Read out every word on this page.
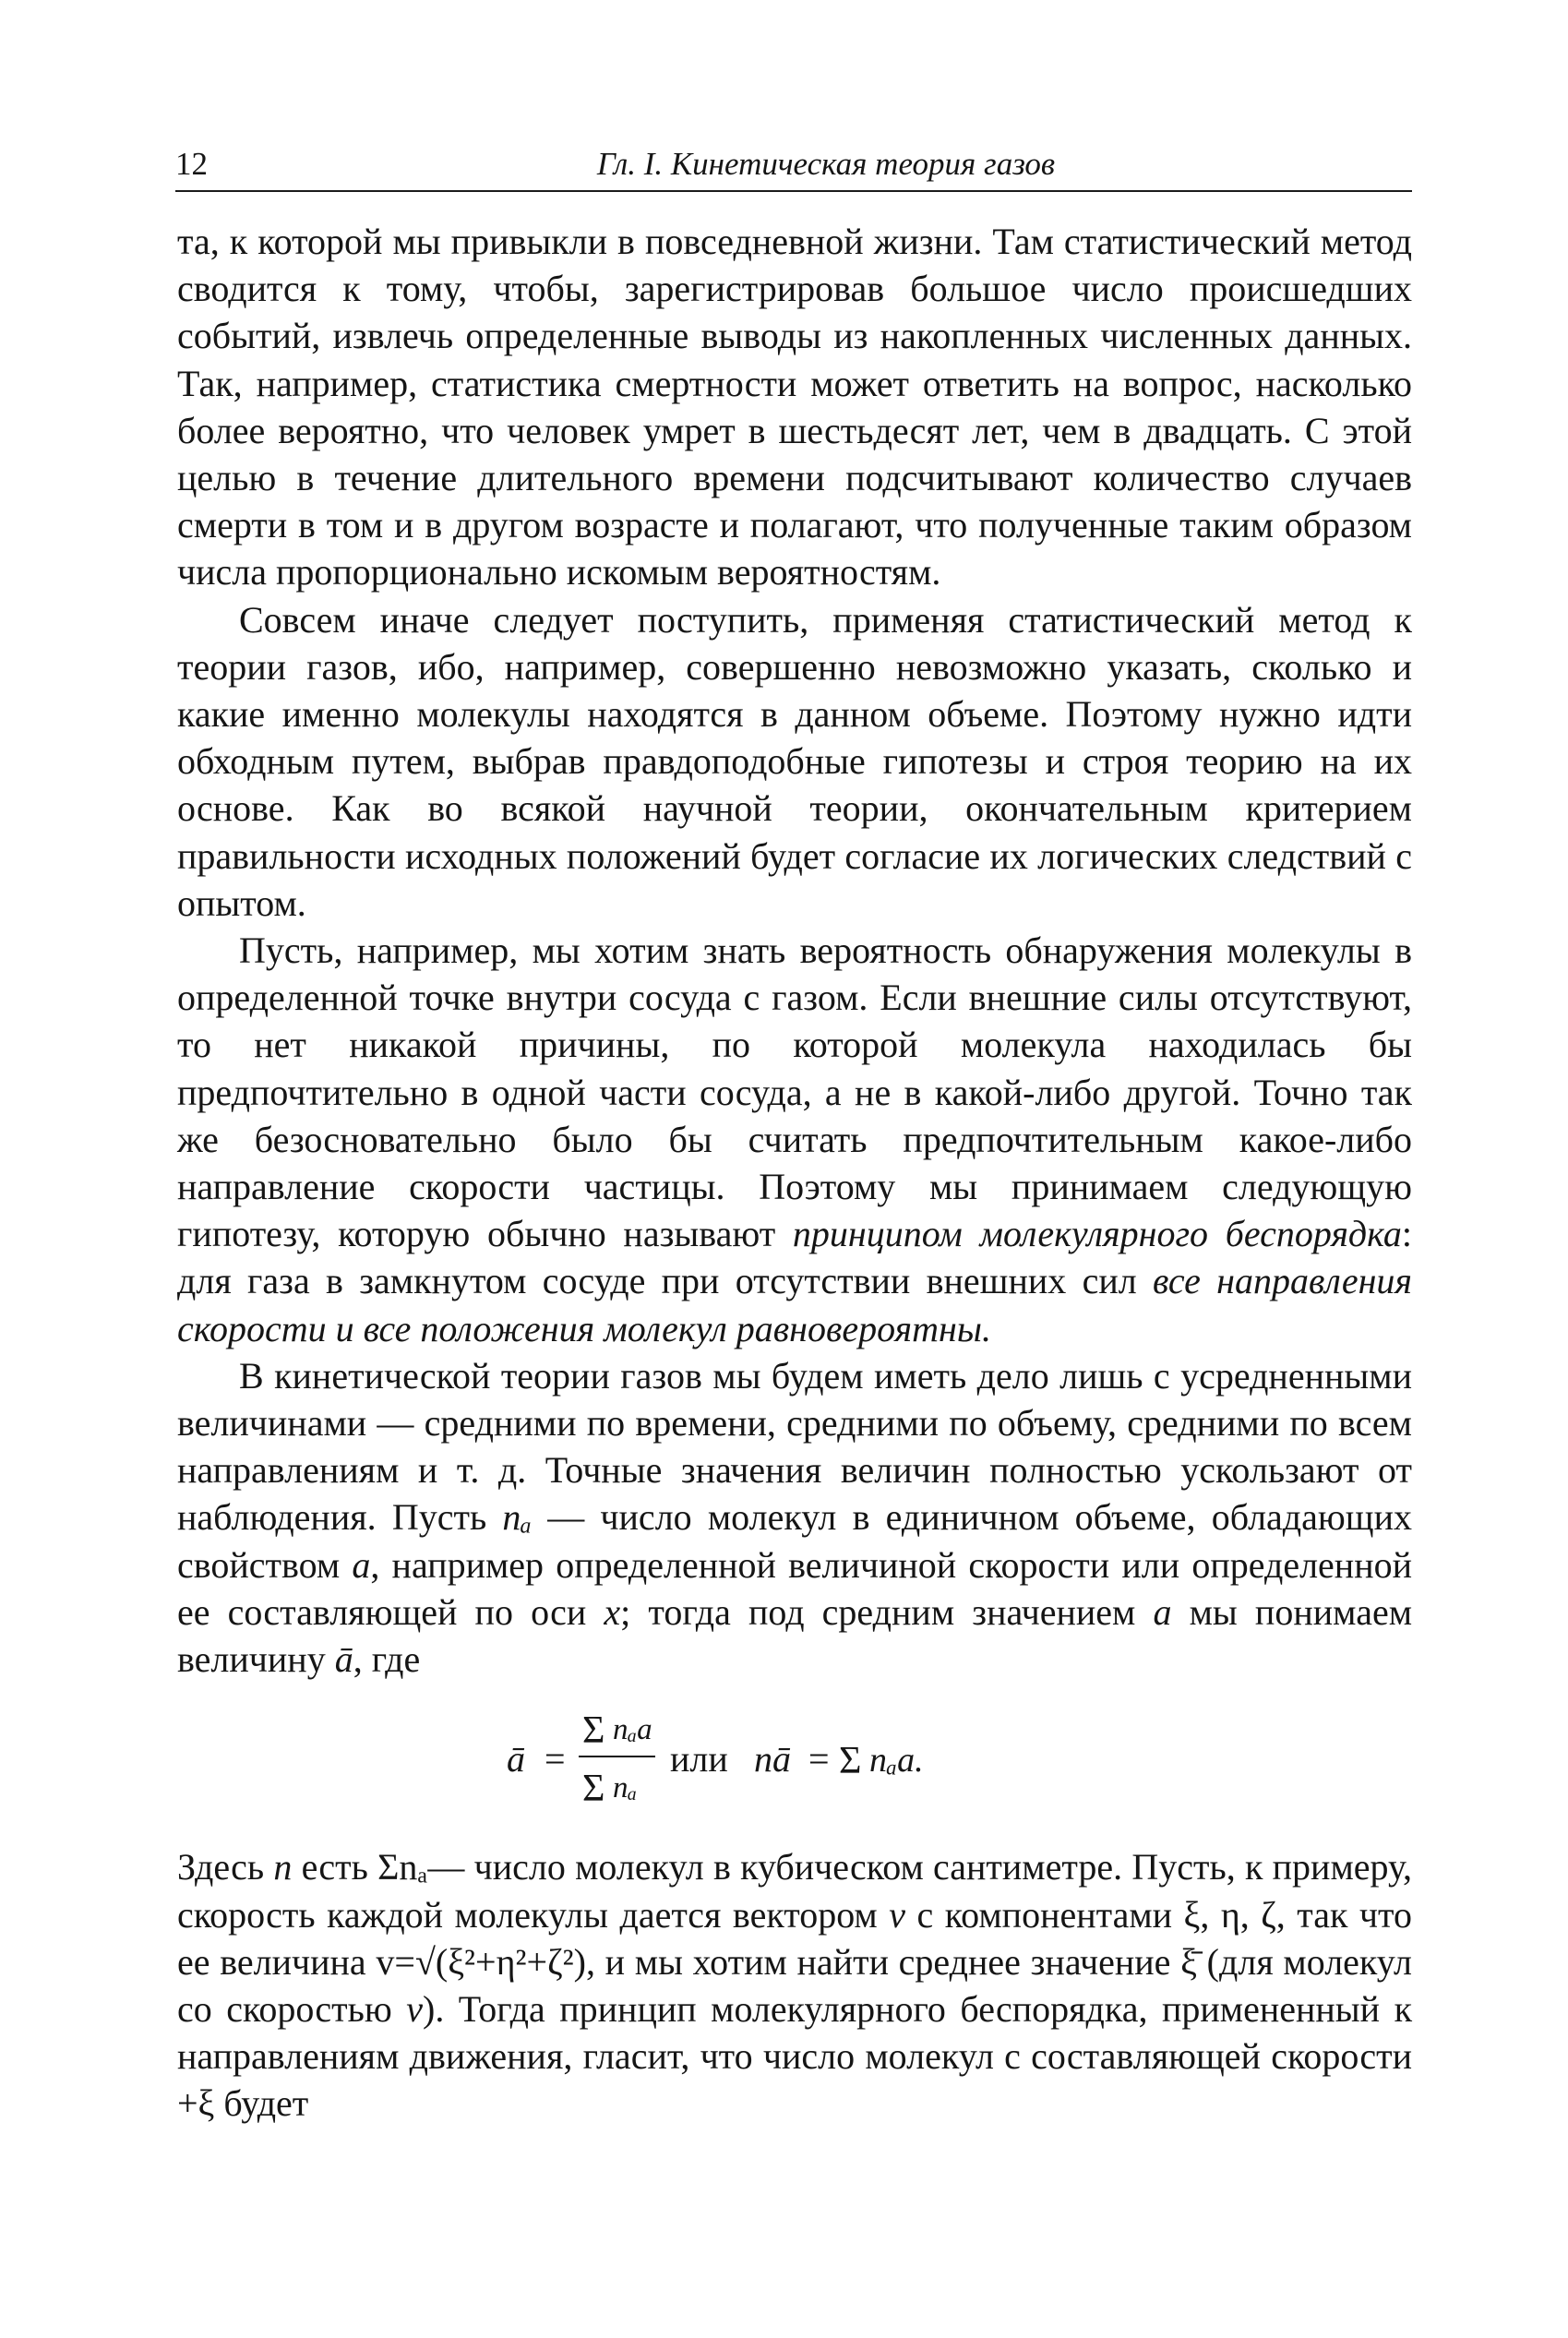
12	Гл. I. Кинетическая теория газов

та, к которой мы привыкли в повседневной жизни. Там статистический метод сводится к тому, чтобы, зарегистрировав большое число происшедших событий, извлечь определенные выводы из накопленных численных данных. Так, например, статистика смертности может ответить на вопрос, насколько более вероятно, что человек умрет в шестьдесят лет, чем в двадцать. С этой целью в течение длительного времени подсчитывают количество случаев смерти в том и в другом возрасте и полагают, что полученные таким образом числа пропорционально искомым вероятностям.

Совсем иначе следует поступить, применяя статистический метод к теории газов, ибо, например, совершенно невозможно указать, сколько и какие именно молекулы находятся в данном объеме. Поэтому нужно идти обходным путем, выбрав правдоподобные гипотезы и строя теорию на их основе. Как во всякой научной теории, окончательным критерием правильности исходных положений будет согласие их логических следствий с опытом.

Пусть, например, мы хотим знать вероятность обнаружения молекулы в определенной точке внутри сосуда с газом. Если внешние силы отсутствуют, то нет никакой причины, по которой молекула находилась бы предпочтительно в одной части сосуда, а не в какой-либо другой. Точно так же безосновательно было бы считать предпочтительным какое-либо направление скорости частицы. Поэтому мы принимаем следующую гипотезу, которую обычно называют принципом молекулярного беспорядка: для газа в замкнутом сосуде при отсутствии внешних сил все направления скорости и все положения молекул равновероятны.

В кинетической теории газов мы будем иметь дело лишь с усредненными величинами — средними по времени, средними по объему, средними по всем направлениям и т. д. Точные значения величин полностью ускользают от наблюдения. Пусть nₐ — число молекул в единичном объеме, обладающих свойством a, например определенной величиной скорости или определенной ее составляющей по оси x; тогда под средним значением a мы понимаем величину ā, где

ā =
Σ nₐa
Σ nₐ
или nā = Σ nₐa.

Здесь n есть Σnₐ— число молекул в кубическом сантиметре. Пусть, к примеру, скорость каждой молекулы дается вектором v с компонентами ξ, η, ζ, так что ее величина v=√(ξ²+η²+ζ²), и мы хотим найти среднее значение ξ̄ (для молекул со скоростью v). Тогда принцип молекулярного беспорядка, примененный к направлениям движения, гласит, что число молекул с составляющей скорости +ξ будет
